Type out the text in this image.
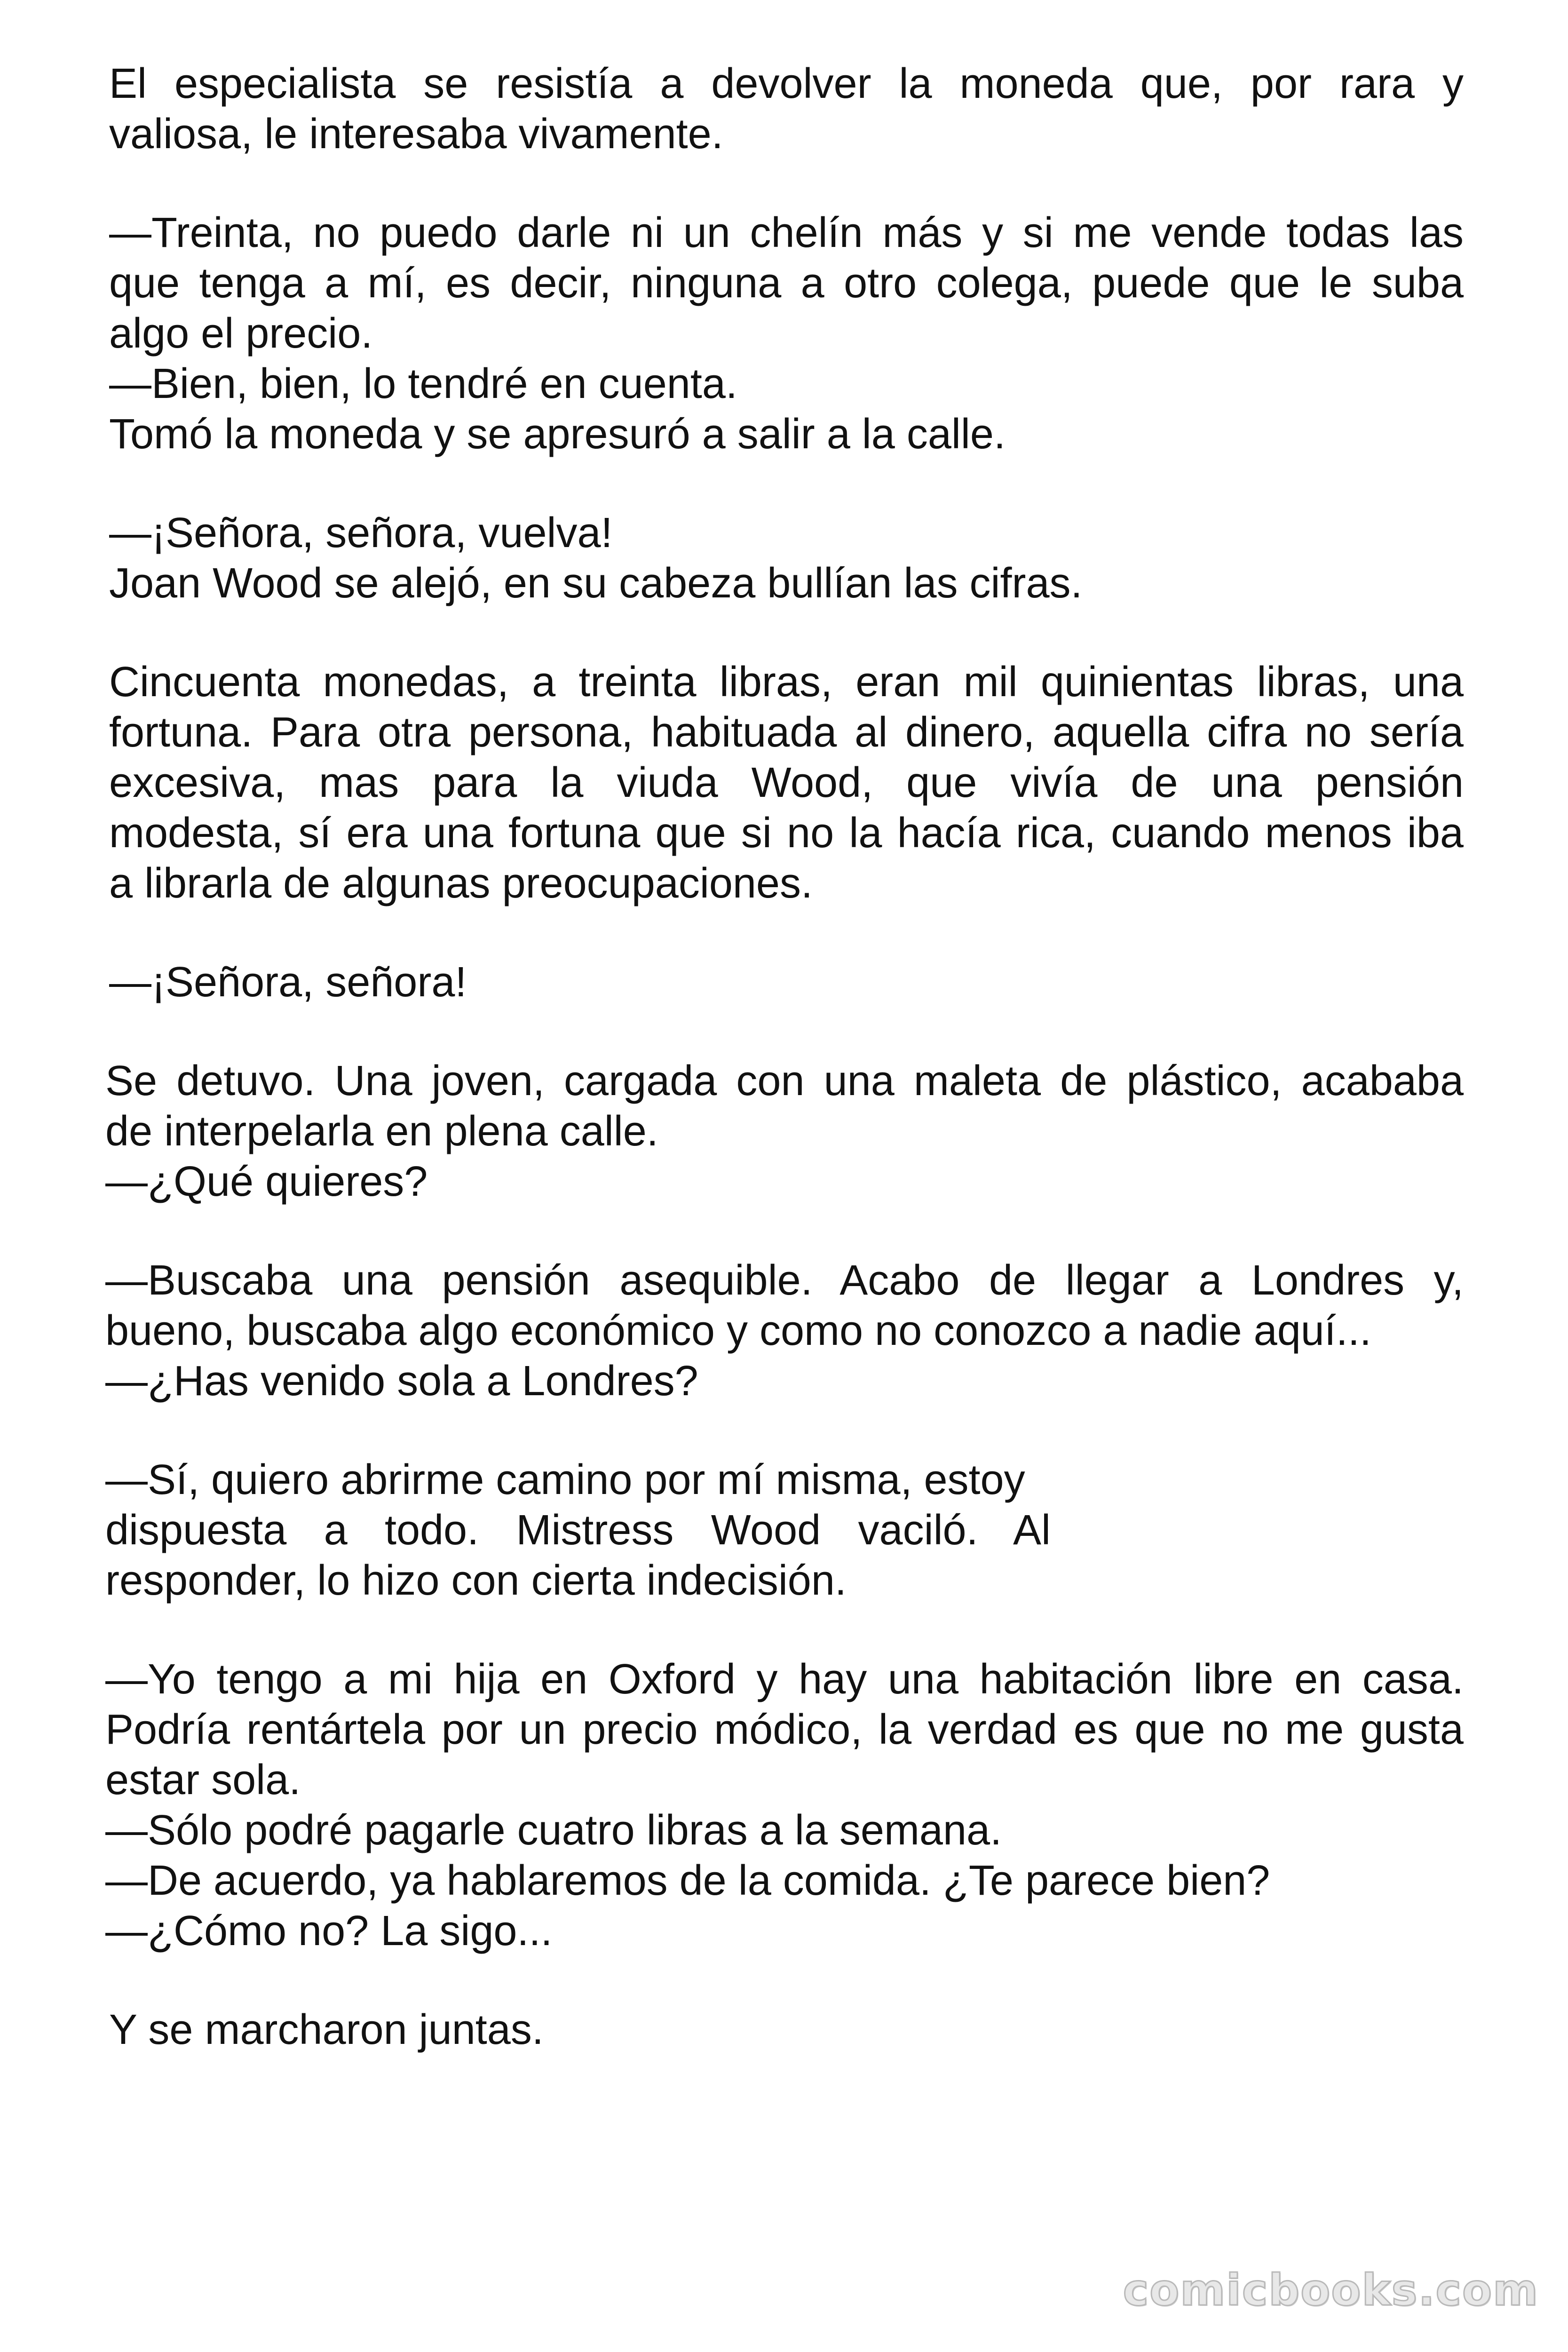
El especialista se resistía a devolver la moneda que, por rara y
valiosa, le interesaba vivamente.

—Treinta, no puedo darle ni un chelín más y si me vende todas las
que tenga a mí, es decir, ninguna a otro colega, puede que le suba
algo el precio.
—Bien, bien, lo tendré en cuenta.
Tomó la moneda y se apresuró a salir a la calle.

—¡Señora, señora, vuelva!
Joan Wood se alejó, en su cabeza bullían las cifras.

Cincuenta monedas, a treinta libras, eran mil quinientas libras, una
fortuna. Para otra persona, habituada al dinero, aquella cifra no sería
excesiva, mas para la viuda Wood, que vivía de una pensión
modesta, sí era una fortuna que si no la hacía rica, cuando menos iba
a librarla de algunas preocupaciones.

—¡Señora, señora!

Se detuvo. Una joven, cargada con una maleta de plástico, acababa
de interpelarla en plena calle.
—¿Qué quieres?

—Buscaba una pensión asequible. Acabo de llegar a Londres y,
bueno, buscaba algo económico y como no conozco a nadie aquí...
—¿Has venido sola a Londres?

—Sí, quiero abrirme camino por mí misma, estoy
dispuesta a todo. Mistress Wood vaciló. Al
responder, lo hizo con cierta indecisión.

—Yo tengo a mi hija en Oxford y hay una habitación libre en casa.
Podría rentártela por un precio módico, la verdad es que no me gusta
estar sola.
—Sólo podré pagarle cuatro libras a la semana.
—De acuerdo, ya hablaremos de la comida. ¿Te parece bien?
—¿Cómo no? La sigo...

Y se marcharon juntas.

comicbooks.com
